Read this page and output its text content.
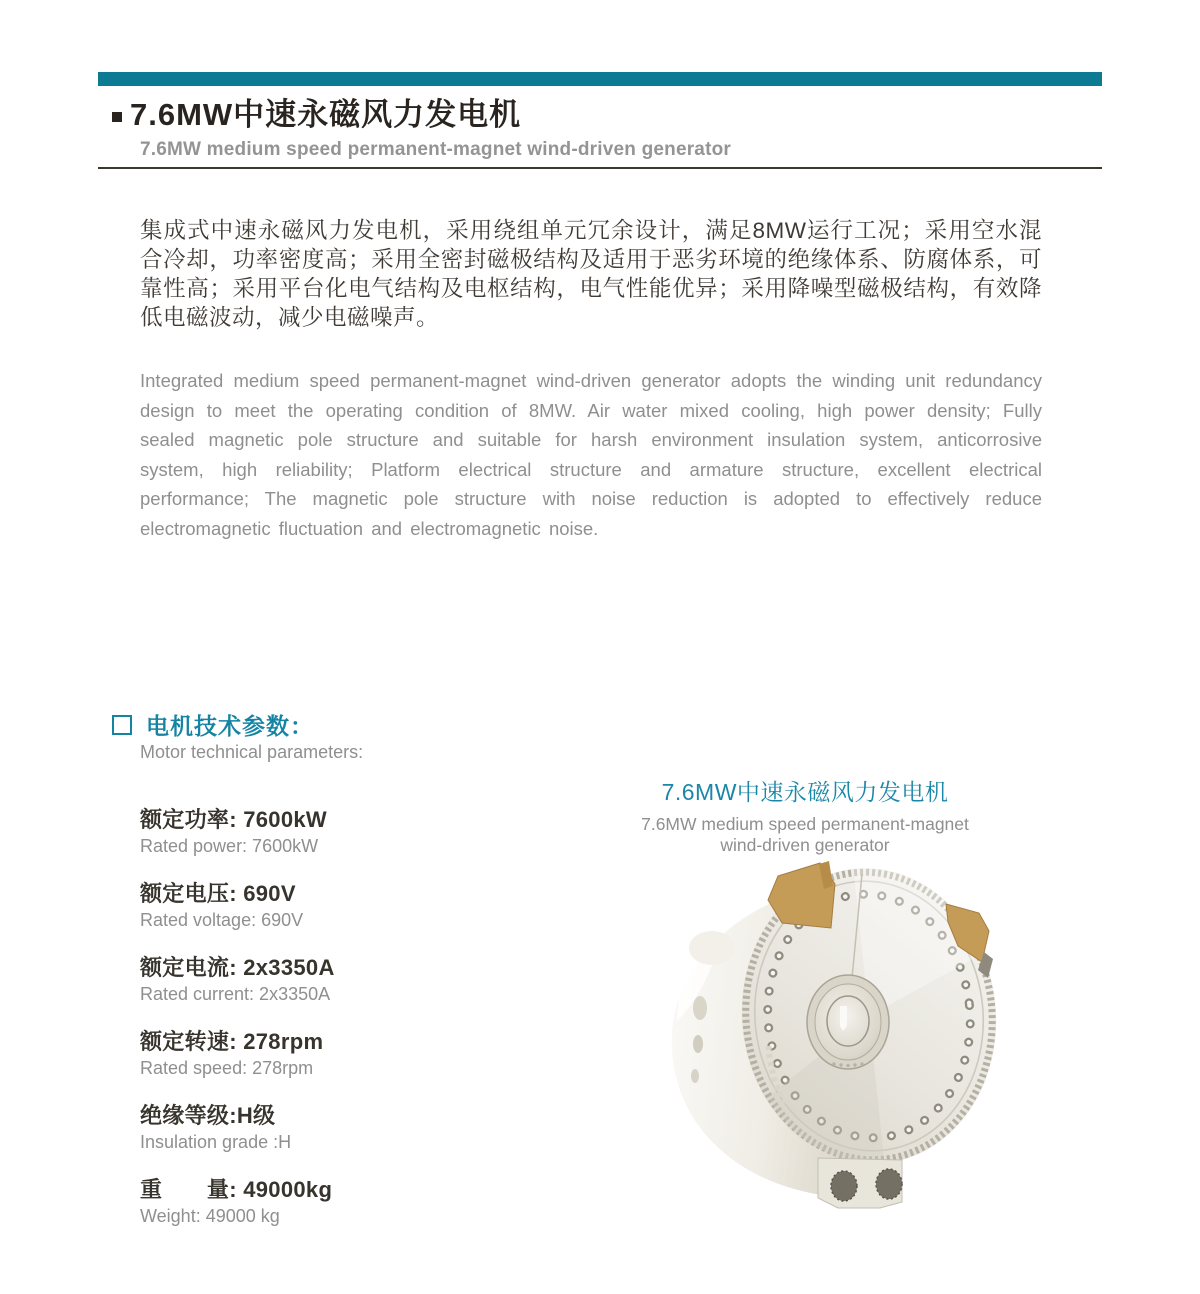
7.6MW中速永磁风力发电机
7.6MW medium speed permanent-magnet wind-driven generator
集成式中速永磁风力发电机，采用绕组单元冗余设计，满足8MW运行工况；采用空水混合冷却，功率密度高；采用全密封磁极结构及适用于恶劣环境的绝缘体系、防腐体系，可靠性高；采用平台化电气结构及电枢结构，电气性能优异；采用降噪型磁极结构，有效降低电磁波动，减少电磁噪声。
Integrated medium speed permanent-magnet wind-driven generator adopts the winding unit redundancy design to meet the operating condition of 8MW. Air water mixed cooling, high power density; Fully sealed magnetic pole structure and suitable for harsh environment insulation system, anticorrosive system, high reliability; Platform electrical structure and armature structure, excellent electrical performance; The magnetic pole structure with noise reduction is adopted to effectively reduce electromagnetic fluctuation and electromagnetic noise.
电机技术参数：
Motor technical parameters:
额定功率: 7600kW
Rated power: 7600kW
额定电压: 690V
Rated voltage: 690V
额定电流: 2x3350A
Rated current: 2x3350A
额定转速: 278rpm
Rated speed: 278rpm
绝缘等级:H级
Insulation grade :H
重　　量: 49000kg
Weight: 49000 kg
7.6MW中速永磁风力发电机
7.6MW medium speed permanent-magnet
wind-driven generator
